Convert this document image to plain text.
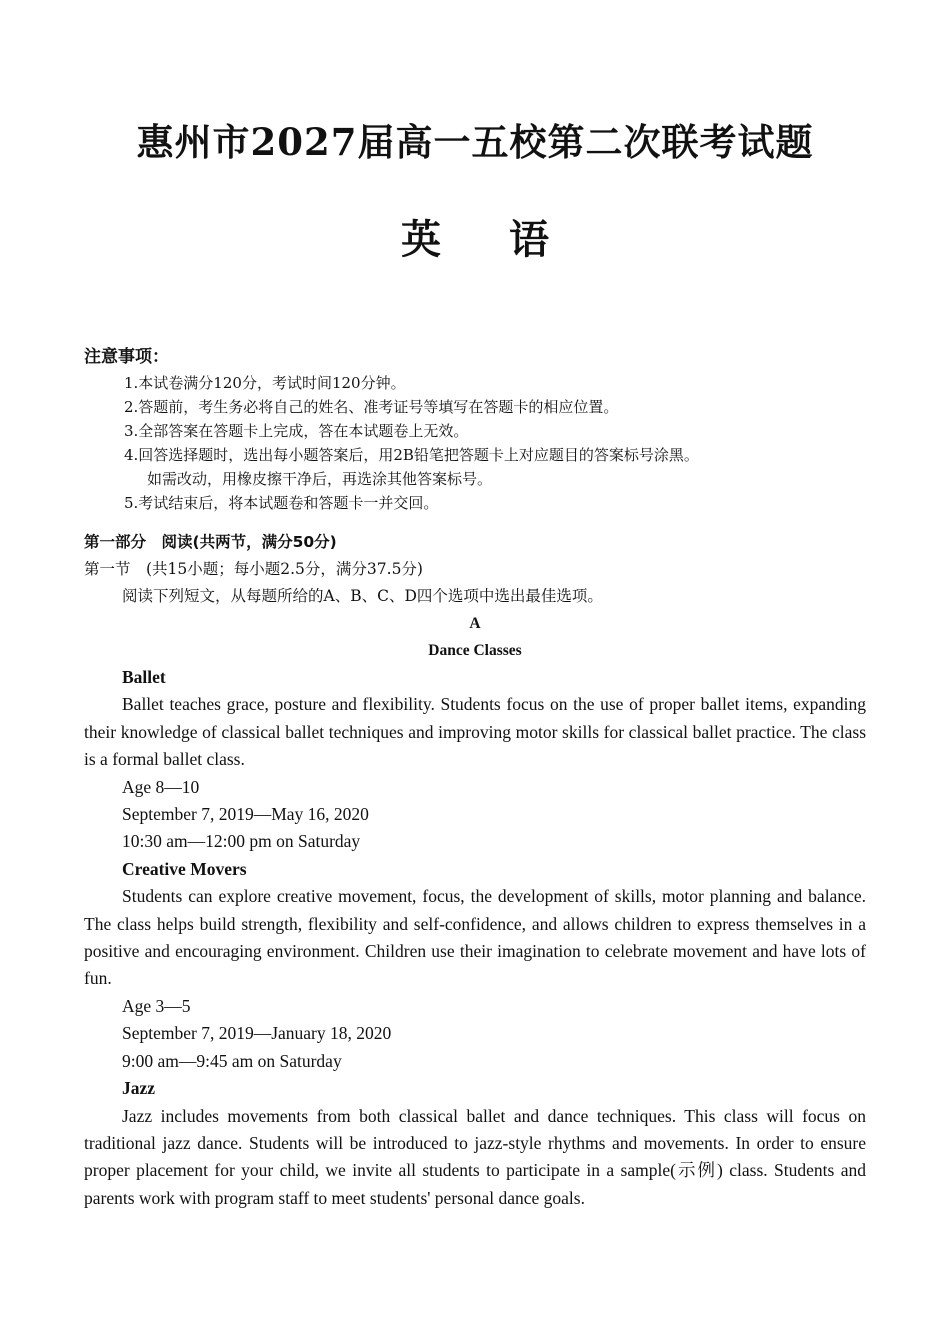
惠州市2027届高一五校第二次联考试题
英语
注意事项：
1.本试卷满分120分，考试时间120分钟。
2.答题前，考生务必将自己的姓名、准考证号等填写在答题卡的相应位置。
3.全部答案在答题卡上完成，答在本试题卷上无效。
4.回答选择题时，选出每小题答案后，用2B铅笔把答题卡上对应题目的答案标号涂黑。
如需改动，用橡皮擦干净后，再选涂其他答案标号。
5.考试结束后，将本试题卷和答题卡一并交回。
第一部分　阅读(共两节，满分50分)
第一节　(共15小题；每小题2.5分，满分37.5分)
阅读下列短文，从每题所给的A、B、C、D四个选项中选出最佳选项。
A
Dance Classes
Ballet

Ballet teaches grace, posture and flexibility. Students focus on the use of proper ballet items, expanding their knowledge of classical ballet techniques and improving motor skills for classical ballet practice. The class is a formal ballet class.

Age 8—10
September 7, 2019—May 16, 2020
10:30 am—12:00 pm on Saturday
Creative Movers

Students can explore creative movement, focus, the development of skills, motor planning and balance. The class helps build strength, flexibility and self-confidence, and allows children to express themselves in a positive and encouraging environment. Children use their imagination to celebrate movement and have lots of fun.

Age 3—5
September 7, 2019—January 18, 2020
9:00 am—9:45 am on Saturday
Jazz

Jazz includes movements from both classical ballet and dance techniques. This class will focus on traditional jazz dance. Students will be introduced to jazz-style rhythms and movements. In order to ensure proper placement for your child, we invite all students to participate in a sample(示例) class. Students and parents work with program staff to meet students' personal dance goals.
